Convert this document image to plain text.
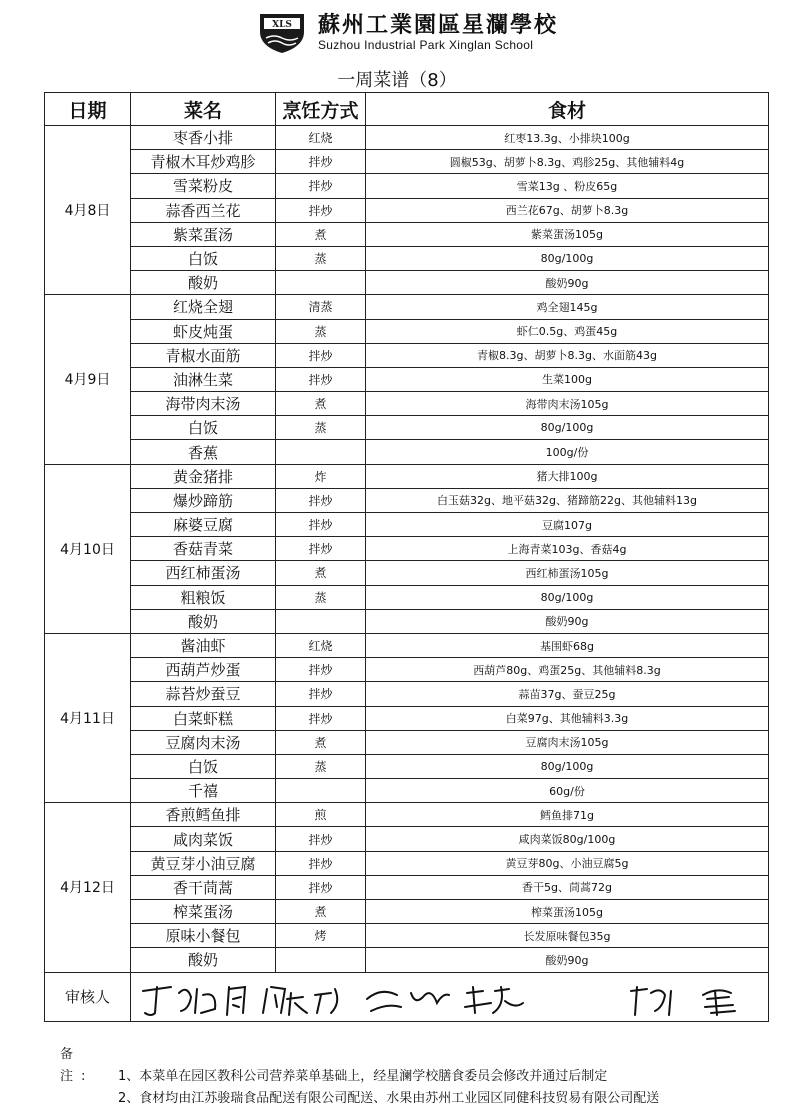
XLS 蘇州工業園區星瀾學校
Suzhou Industrial Park Xinglan School
一周菜谱（8）
日期	菜名	烹饪方式	食材
4月8日	枣香小排	红烧	红枣13.3g、小排块100g
	青椒木耳炒鸡胗	拌炒	圆椒53g、胡萝卜8.3g、鸡胗25g、其他辅料4g
	雪菜粉皮	拌炒	雪菜13g 、粉皮65g
	蒜香西兰花	拌炒	西兰花67g、胡萝卜8.3g
	紫菜蛋汤	煮	紫菜蛋汤105g
	白饭	蒸	80g/100g
	酸奶		酸奶90g
4月9日	红烧全翅	清蒸	鸡全翅145g
	虾皮炖蛋	蒸	虾仁0.5g、鸡蛋45g
	青椒水面筋	拌炒	青椒8.3g、胡萝卜8.3g、水面筋43g
	油淋生菜	拌炒	生菜100g
	海带肉末汤	煮	海带肉末汤105g
	白饭	蒸	80g/100g
	香蕉		100g/份
4月10日	黄金猪排	炸	猪大排100g
	爆炒蹄筋	拌炒	白玉菇32g、地平菇32g、猪蹄筋22g、其他辅料13g
	麻婆豆腐	拌炒	豆腐107g
	香菇青菜	拌炒	上海青菜103g、香菇4g
	西红柿蛋汤	煮	西红柿蛋汤105g
	粗粮饭	蒸	80g/100g
	酸奶		酸奶90g
4月11日	酱油虾	红烧	基围虾68g
	西葫芦炒蛋	拌炒	西葫芦80g、鸡蛋25g、其他辅料8.3g
	蒜苔炒蚕豆	拌炒	蒜苗37g、蚕豆25g
	白菜虾糕	拌炒	白菜97g、其他辅料3.3g
	豆腐肉末汤	煮	豆腐肉末汤105g
	白饭	蒸	80g/100g
	千禧		60g/份
4月12日	香煎鳕鱼排	煎	鳕鱼排71g
	咸肉菜饭	拌炒	咸肉菜饭80g/100g
	黄豆芽小油豆腐	拌炒	黄豆芽80g、小油豆腐5g
	香干茼蒿	拌炒	香干5g、茼蒿72g
	榨菜蛋汤	煮	榨菜蛋汤105g
	原味小餐包	烤	长发原味餐包35g
	酸奶		酸奶90g
审核人	
备 注: 1、本菜单在园区教科公司营养菜单基础上，经星澜学校膳食委员会修改并通过后制定
2、食材均由江苏骏瑞食品配送有限公司配送、水果由苏州工业园区同健科技贸易有限公司配送
